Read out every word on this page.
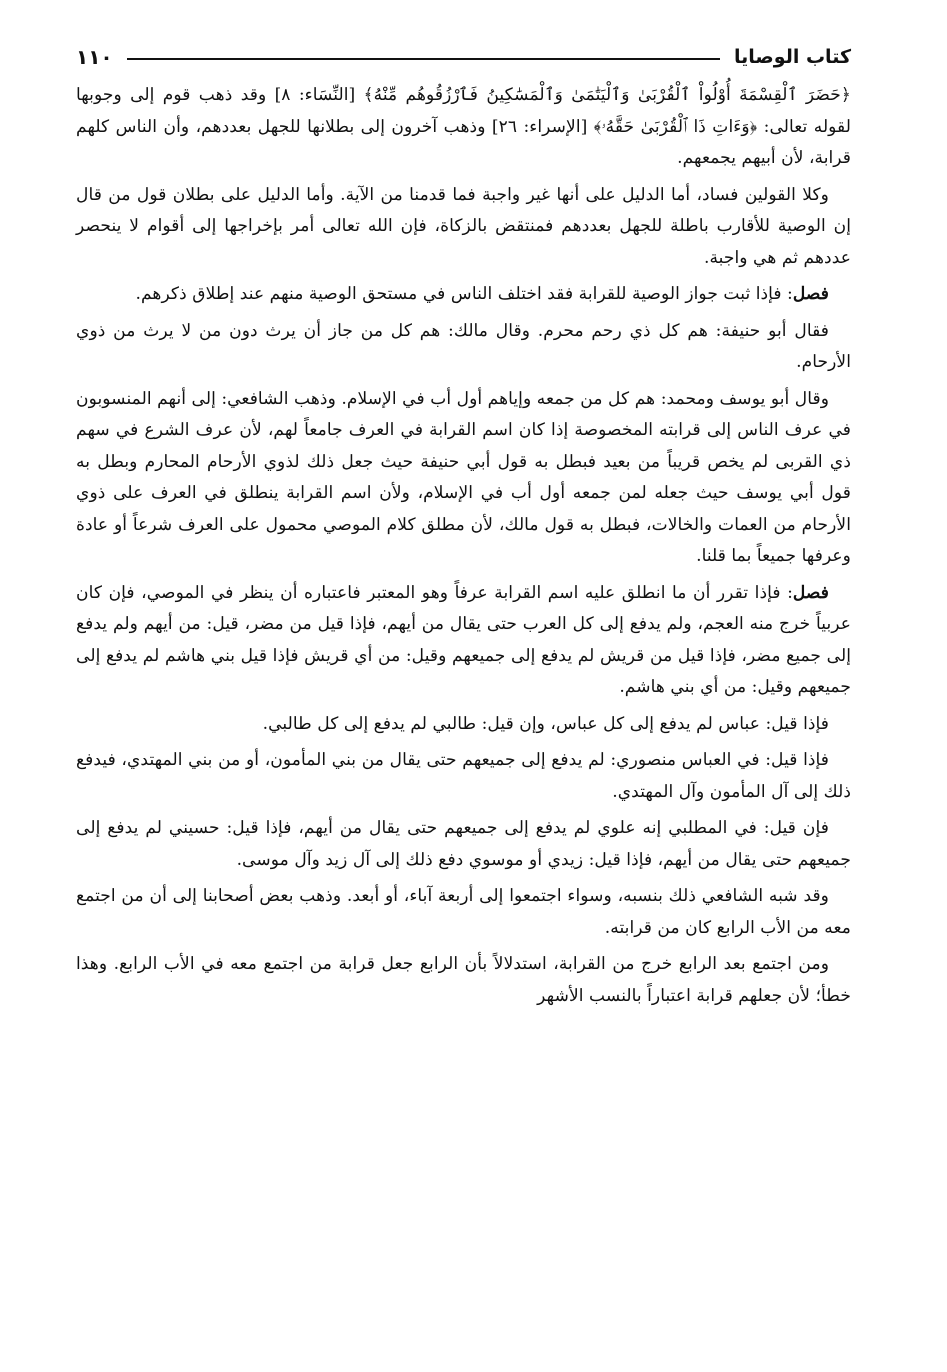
١١٠	كتاب الوصايا

﴿حَضَرَ ٱلْقِسْمَةَ أُوْلُواْ ٱلْقُرْبَىٰ وَٱلْيَتَٰمَىٰ وَٱلْمَسَٰكِينُ فَٱرْزُقُوهُم مِّنْهُ﴾ [النِّسَاء: ٨] وقد ذهب قوم إلى وجوبها لقوله تعالى: ﴿وَءَاتِ ذَا ٱلْقُرْبَىٰ حَقَّهُۥ﴾ [الإسراء: ٢٦] وذهب آخرون إلى بطلانها للجهل بعددهم، وأن الناس كلهم قرابة، لأن أبيهم يجمعهم.

وكلا القولين فساد، أما الدليل على أنها غير واجبة فما قدمنا من الآية. وأما الدليل على بطلان قول من قال إن الوصية للأقارب باطلة للجهل بعددهم فمنتقض بالزكاة، فإن الله تعالى أمر بإخراجها إلى أقوام لا ينحصر عددهم ثم هي واجبة.

فصل: فإذا ثبت جواز الوصية للقرابة فقد اختلف الناس في مستحق الوصية منهم عند إطلاق ذكرهم.

فقال أبو حنيفة: هم كل ذي رحم محرم. وقال مالك: هم كل من جاز أن يرث دون من لا يرث من ذوي الأرحام.

وقال أبو يوسف ومحمد: هم كل من جمعه وإياهم أول أب في الإسلام. وذهب الشافعي: إلى أنهم المنسوبون في عرف الناس إلى قرابته المخصوصة إذا كان اسم القرابة في العرف جامعاً لهم، لأن عرف الشرع في سهم ذي القربى لم يخص قريباً من بعيد فبطل به قول أبي حنيفة حيث جعل ذلك لذوي الأرحام المحارم وبطل به قول أبي يوسف حيث جعله لمن جمعه أول أب في الإسلام، ولأن اسم القرابة ينطلق في العرف على ذوي الأرحام من العمات والخالات، فبطل به قول مالك، لأن مطلق كلام الموصي محمول على العرف شرعاً أو عادة وعرفها جميعاً بما قلنا.

فصل: فإذا تقرر أن ما انطلق عليه اسم القرابة عرفاً وهو المعتبر فاعتباره أن ينظر في الموصي، فإن كان عربياً خرج منه العجم، ولم يدفع إلى كل العرب حتى يقال من أيهم، فإذا قيل من مضر، قيل: من أيهم ولم يدفع إلى جميع مضر، فإذا قيل من قريش لم يدفع إلى جميعهم وقيل: من أي قريش فإذا قيل بني هاشم لم يدفع إلى جميعهم وقيل: من أي بني هاشم.

فإذا قيل: عباس لم يدفع إلى كل عباس، وإن قيل: طالبي لم يدفع إلى كل طالبي.

فإذا قيل: في العباس منصوري: لم يدفع إلى جميعهم حتى يقال من بني المأمون، أو من بني المهتدي، فيدفع ذلك إلى آل المأمون وآل المهتدي.

فإن قيل: في المطلبي إنه علوي لم يدفع إلى جميعهم حتى يقال من أيهم، فإذا قيل: حسيني لم يدفع إلى جميعهم حتى يقال من أيهم، فإذا قيل: زيدي أو موسوي دفع ذلك إلى آل زيد وآل موسى.

وقد شبه الشافعي ذلك بنسبه، وسواء اجتمعوا إلى أربعة آباء، أو أبعد. وذهب بعض أصحابنا إلى أن من اجتمع معه من الأب الرابع كان من قرابته.

ومن اجتمع بعد الرابع خرج من القرابة، استدلالاً بأن الرابع جعل قرابة من اجتمع معه في الأب الرابع. وهذا خطأ؛ لأن جعلهم قرابة اعتباراً بالنسب الأشهر
